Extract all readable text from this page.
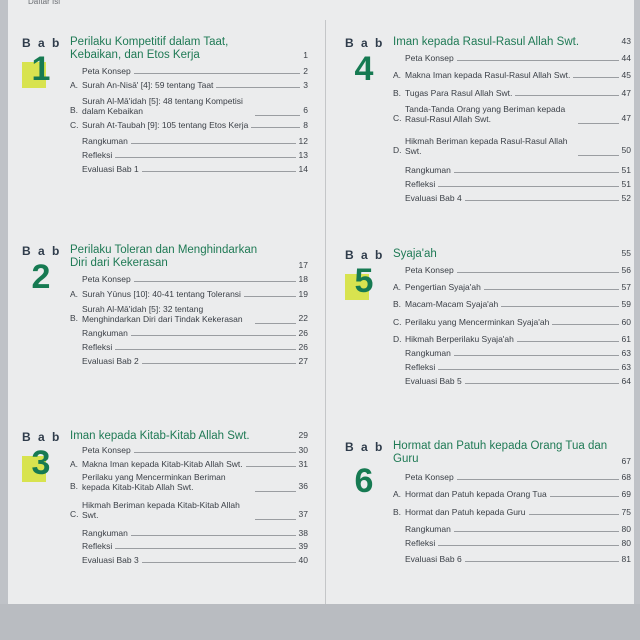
Daftar Isi
B a b
1
Perilaku Kompetitif dalam Taat, Kebaikan, dan Etos Kerja	1
Peta Konsep	2
A. Surah An-Nisā' [4]: 59 tentang Taat	3
B.
Surah Al-Mā'idah [5]: 48 tentang Kompetisi dalam Kebaikan	6
C. Surah At-Taubah [9]: 105 tentang Etos Kerja	8
Rangkuman	12
Refleksi	13
Evaluasi Bab 1	14
B a b
2
Perilaku Toleran dan Menghindarkan Diri dari Kekerasan	17
Peta Konsep	18
A. Surah Yūnus [10]: 40-41 tentang Toleransi	19
B.
Surah Al-Mā'idah [5]: 32 tentang Menghindarkan Diri dari Tindak Kekerasan	22
Rangkuman	26
Refleksi	26
Evaluasi Bab 2	27
B a b
3
Iman kepada Kitab-Kitab Allah Swt.	29
Peta Konsep	30
A. Makna Iman kepada Kitab-Kitab Allah Swt.	31
B.
Perilaku yang Mencerminkan Beriman kepada Kitab-Kitab Allah Swt.	36
C.
Hikmah Beriman kepada Kitab-Kitab Allah Swt.	37
Rangkuman	38
Refleksi	39
Evaluasi Bab 3	40
B a b
4
Iman kepada Rasul-Rasul Allah Swt.	43
Peta Konsep	44
A. Makna Iman kepada Rasul-Rasul Allah Swt.	45
B. Tugas Para Rasul Allah Swt.	47
C.
Tanda-Tanda Orang yang Beriman kepada Rasul-Rasul Allah Swt.	47
D.
Hikmah Beriman kepada Rasul-Rasul Allah Swt.	50
Rangkuman	51
Refleksi	51
Evaluasi Bab 4	52
B a b
5
Syaja'ah	55
Peta Konsep	56
A. Pengertian Syaja'ah	57
B. Macam-Macam Syaja'ah	59
C. Perilaku yang Mencerminkan Syaja'ah	60
D. Hikmah Berperilaku Syaja'ah	61
Rangkuman	63
Refleksi	63
Evaluasi Bab 5	64
B a b
6
Hormat dan Patuh kepada Orang Tua dan Guru	67
Peta Konsep	68
A. Hormat dan Patuh kepada Orang Tua	69
B. Hormat dan Patuh kepada Guru	75
Rangkuman	80
Refleksi	80
Evaluasi Bab 6	81
